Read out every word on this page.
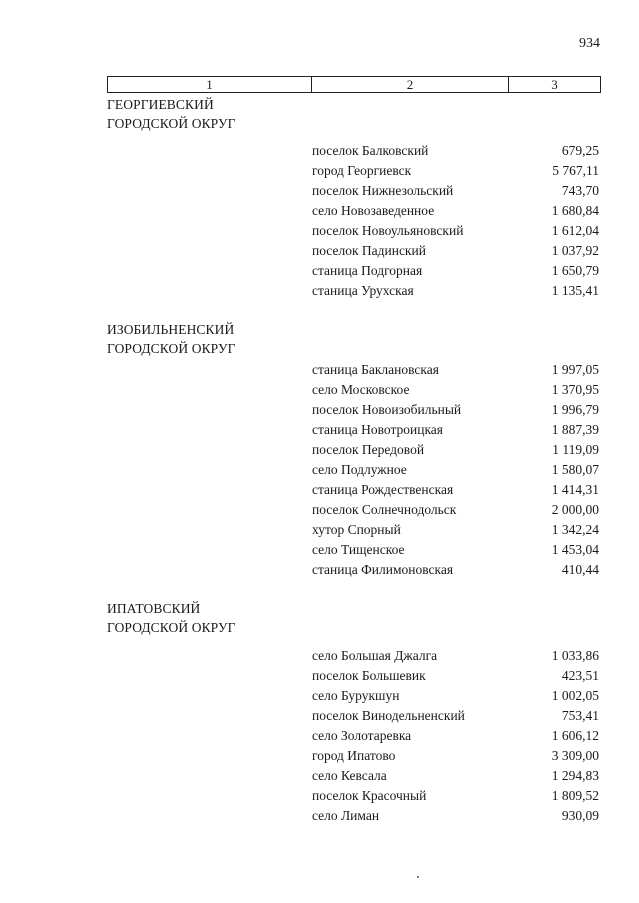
934
1	2	3
ГЕОРГИЕВСКИЙ
ГОРОДСКОЙ ОКРУГ
поселок Балковский	679,25
город Георгиевск	5 767,11
поселок Нижнезольский	743,70
село Новозаведенное	1 680,84
поселок Новоульяновский	1 612,04
поселок Падинский	1 037,92
станица Подгорная	1 650,79
станица Урухская	1 135,41
ИЗОБИЛЬНЕНСКИЙ
ГОРОДСКОЙ ОКРУГ
станица Баклановская	1 997,05
село Московское	1 370,95
поселок Новоизобильный	1 996,79
станица Новотроицкая	1 887,39
поселок Передовой	1 119,09
село Подлужное	1 580,07
станица Рождественская	1 414,31
поселок Солнечнодольск	2 000,00
хутор Спорный	1 342,24
село Тищенское	1 453,04
станица Филимоновская	410,44
ИПАТОВСКИЙ
ГОРОДСКОЙ ОКРУГ
село Большая Джалга	1 033,86
поселок Большевик	423,51
село Бурукшун	1 002,05
поселок Винодельненский	753,41
село Золотаревка	1 606,12
город Ипатово	3 309,00
село Кевсала	1 294,83
поселок Красочный	1 809,52
село Лиман	930,09
